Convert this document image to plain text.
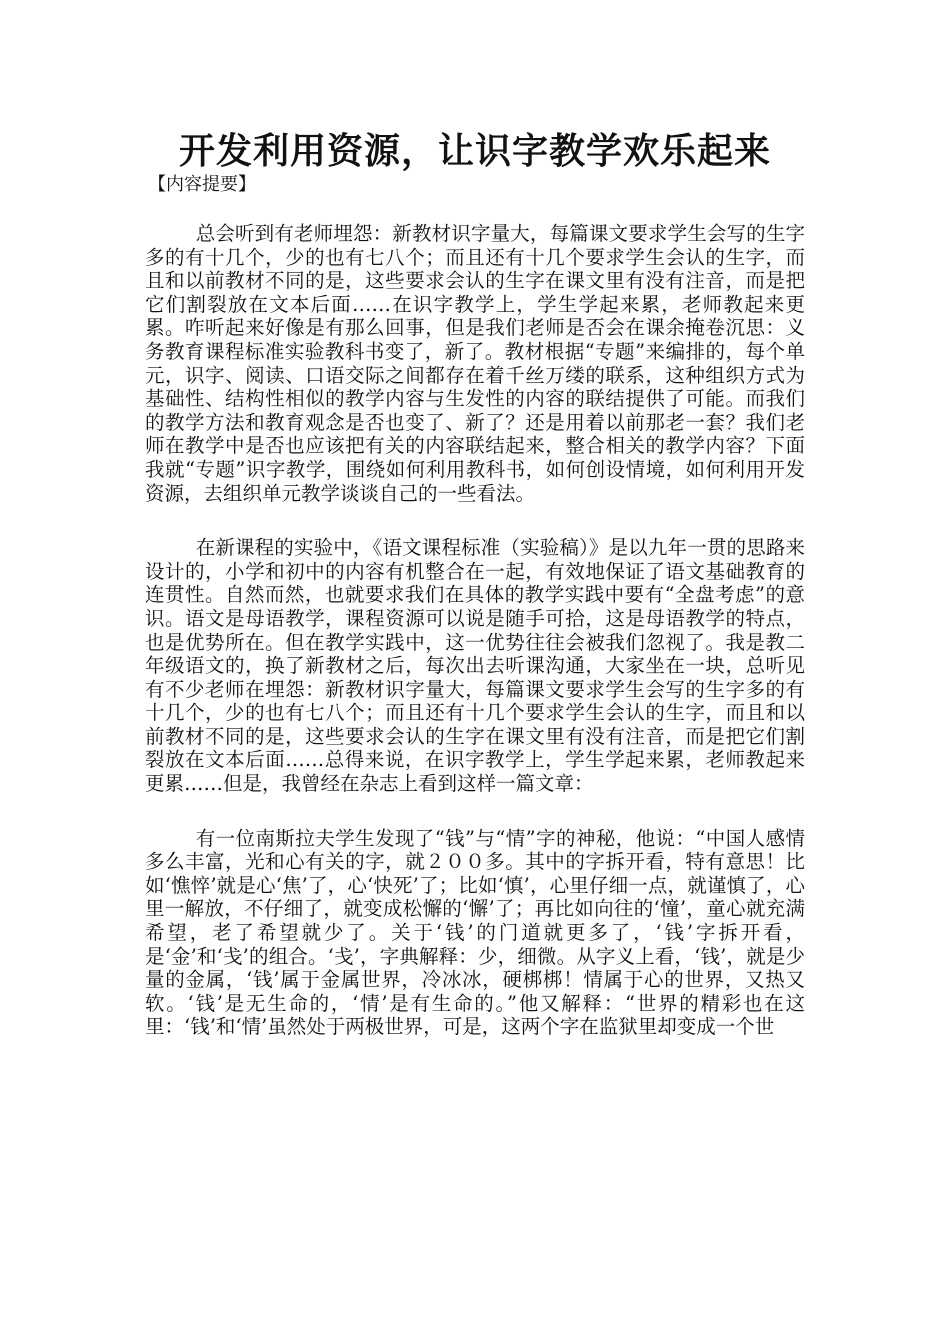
开发利用资源，让识字教学欢乐起来
【内容提要】

总会听到有老师埋怨：新教材识字量大，每篇课文要求学生会写的生字多的有十几个，少的也有七八个；而且还有十几个要求学生会认的生字，而且和以前教材不同的是，这些要求会认的生字在课文里有没有注音，而是把它们割裂放在文本后面……在识字教学上，学生学起来累，老师教起来更累。咋听起来好像是有那么回事，但是我们老师是否会在课余掩卷沉思：义务教育课程标准实验教科书变了，新了。教材根据“专题”来编排的，每个单元，识字、阅读、口语交际之间都存在着千丝万缕的联系，这种组织方式为基础性、结构性相似的教学内容与生发性的内容的联结提供了可能。而我们的教学方法和教育观念是否也变了、新了？还是用着以前那老一套？我们老师在教学中是否也应该把有关的内容联结起来，整合相关的教学内容？下面我就“专题”识字教学，围绕如何利用教科书，如何创设情境，如何利用开发资源，去组织单元教学谈谈自己的一些看法。

在新课程的实验中，《语文课程标准（实验稿）》是以九年一贯的思路来设计的，小学和初中的内容有机整合在一起，有效地保证了语文基础教育的连贯性。自然而然，也就要求我们在具体的教学实践中要有“全盘考虑”的意识。语文是母语教学，课程资源可以说是随手可拾，这是母语教学的特点，也是优势所在。但在教学实践中，这一优势往往会被我们忽视了。我是教二年级语文的，换了新教材之后，每次出去听课沟通，大家坐在一块，总听见有不少老师在埋怨：新教材识字量大，每篇课文要求学生会写的生字多的有十几个，少的也有七八个；而且还有十几个要求学生会认的生字，而且和以前教材不同的是，这些要求会认的生字在课文里有没有注音，而是把它们割裂放在文本后面……总得来说，在识字教学上，学生学起来累，老师教起来更累……但是，我曾经在杂志上看到这样一篇文章：

有一位南斯拉夫学生发现了“钱”与“情”字的神秘，他说：“中国人感情多么丰富，光和心有关的字，就２００多。其中的字拆开看，特有意思！比如‘憔悴’就是心‘焦’了，心‘快死’了；比如‘慎’，心里仔细一点，就谨慎了，心里一解放，不仔细了，就变成松懈的‘懈’了；再比如向往的‘憧’，童心就充满希望，老了希望就少了。关于‘钱’的门道就更多了，‘钱’字拆开看，是‘金’和‘戋’的组合。‘戋’，字典解释：少，细微。从字义上看，‘钱’，就是少量的金属，‘钱’属于金属世界，冷冰冰，硬梆梆！情属于心的世界，又热又软。‘钱’是无生命的，‘情’是有生命的。”他又解释：“世界的精彩也在这里：‘钱’和‘情’虽然处于两极世界，可是，这两个字在监狱里却变成一个世
